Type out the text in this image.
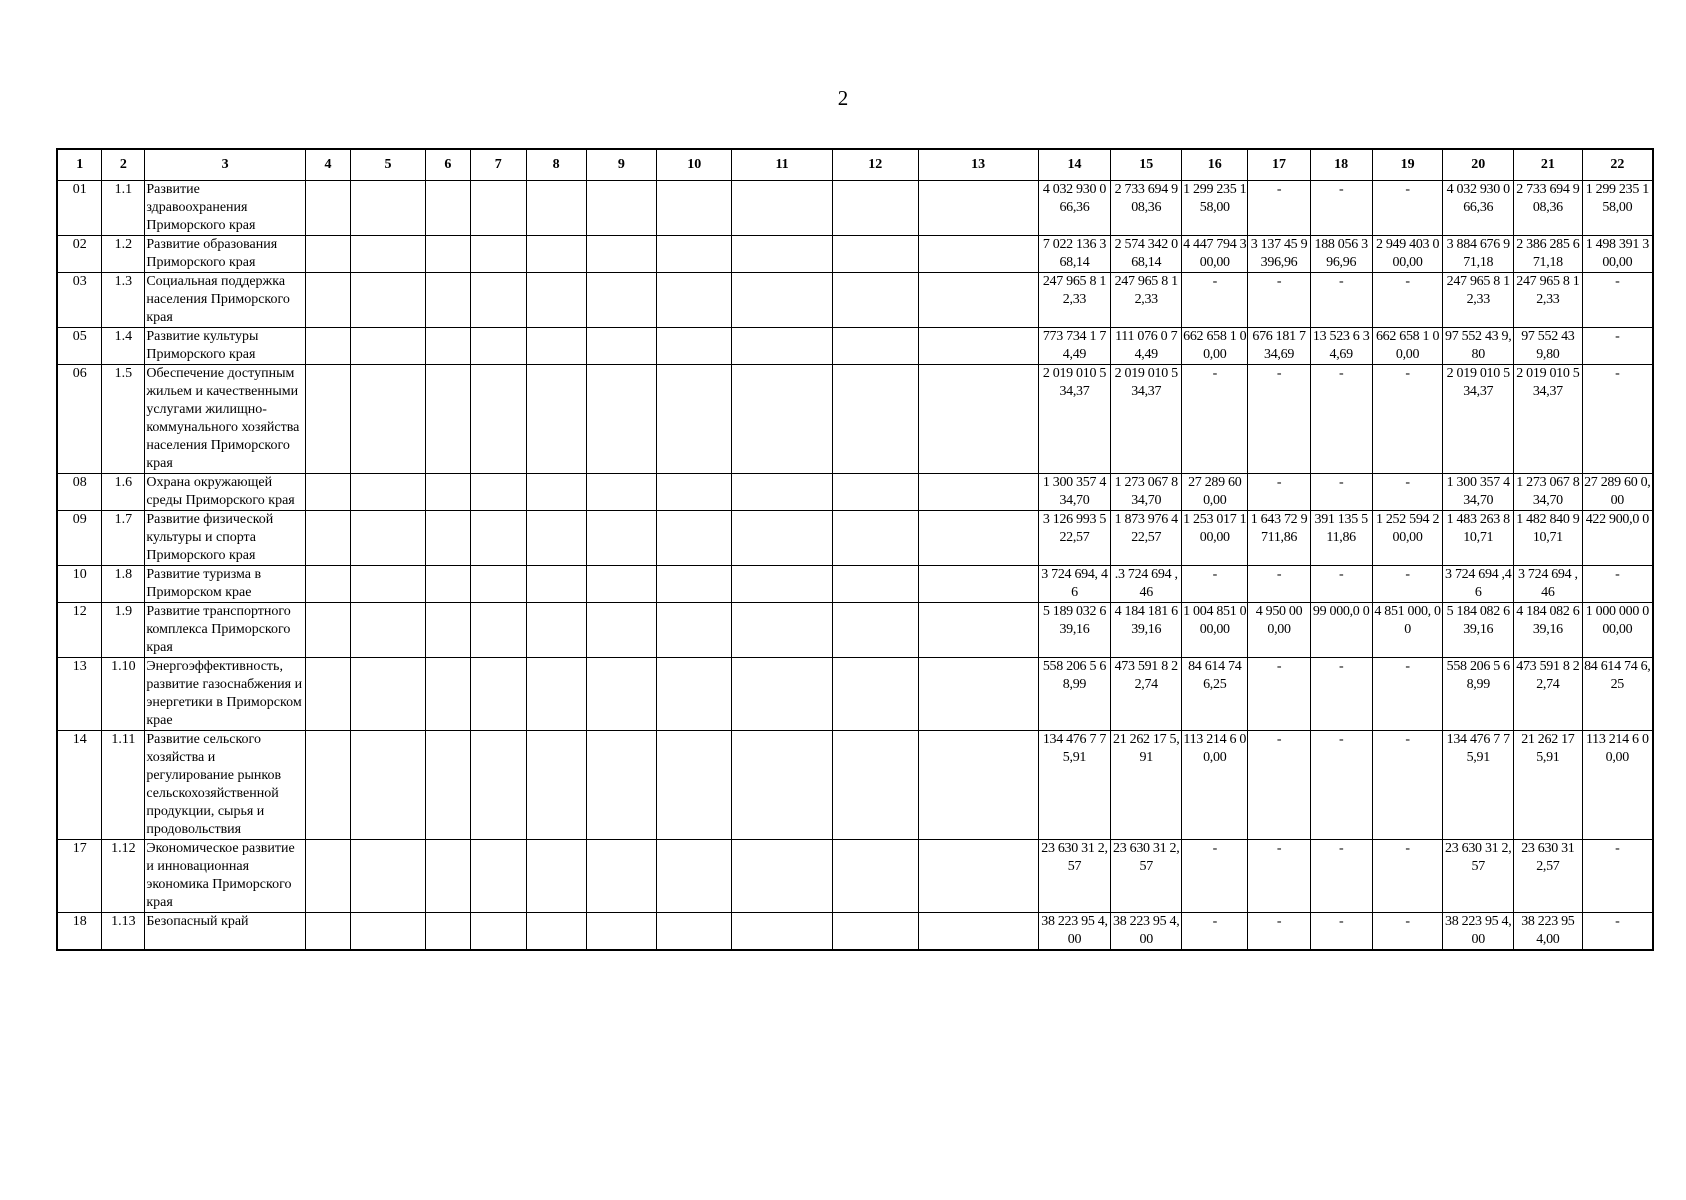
2
1	2	3	4	5	6	7	8	9	10	11	12	13	14	15	16	17	18	19	20	21	22
01	1.1	Развитие здравоохранения Приморского края											4 032 930 066,36	2 733 694 908,36	1 299 235 158,00	-	-	-	4 032 930 066,36	2 733 694 908,36	1 299 235 158,00
02	1.2	Развитие образования Приморского края											7 022 136 368,14	2 574 342 068,14	4 447 794 300,00	3 137 45 9 396,96	188 056 396,96	2 949 403 000,00	3 884 676 971,18	2 386 285 671,18	1 498 391 300,00
03	1.3	Социальная поддержка населения Приморского края											247 965 8 12,33	247 965 8 12,33	-	-	-	-	247 965 8 12,33	247 965 8 12,33	-
05	1.4	Развитие культуры Приморского края											773 734 1 74,49	111 076 0 74,49	662 658 1 00,00	676 181 734,69	13 523 6 34,69	662 658 1 00,00	97 552 43 9,80	97 552 43 9,80	-
06	1.5	Обеспечение доступным жильем и качественными услугами жилищно-коммунального хозяйства населения Приморского края											2 019 010 534,37	2 019 010 534,37	-	-	-	-	2 019 010 534,37	2 019 010 534,37	-
08	1.6	Охрана окружающей среды Приморского края											1 300 357 434,70	1 273 067 834,70	27 289 60 0,00	-	-	-	1 300 357 434,70	1 273 067 834,70	27 289 60 0,00
09	1.7	Развитие физической культуры и спорта Приморского края											3 126 993 522,57	1 873 976 422,57	1 253 017 100,00	1 643 72 9 711,86	391 135 511,86	1 252 594 200,00	1 483 263 810,71	1 482 840 910,71	422 900,0 0
10	1.8	Развитие туризма в Приморском крае											3 724 694, 46	.3 724 694 ,46	-	-	-	-	3 724 694 ,46	3 724 694 ,46	-
12	1.9	Развитие транспортного комплекса Приморского края											5 189 032 639,16	4 184 181 639,16	1 004 851 000,00	4 950 00 0,00	99 000,0 0	4 851 000, 00	5 184 082 639,16	4 184 082 639,16	1 000 000 000,00
13	1.10	Энергоэффективность, развитие газоснабжения и энергетики в Приморском крае											558 206 5 68,99	473 591 8 22,74	84 614 74 6,25	-	-	-	558 206 5 68,99	473 591 8 22,74	84 614 74 6,25
14	1.11	Развитие сельского хозяйства и регулирование рынков сельскохозяйственной продукции, сырья и продовольствия											134 476 7 75,91	21 262 17 5,91	113 214 6 00,00	-	-	-	134 476 7 75,91	21 262 17 5,91	113 214 6 00,00
17	1.12	Экономическое развитие и инновационная экономика Приморского края											23 630 31 2,57	23 630 31 2,57	-	-	-	-	23 630 31 2,57	23 630 31 2,57	-
18	1.13	Безопасный край											38 223 95 4,00	38 223 95 4,00	-	-	-	-	38 223 95 4,00	38 223 95 4,00	-
